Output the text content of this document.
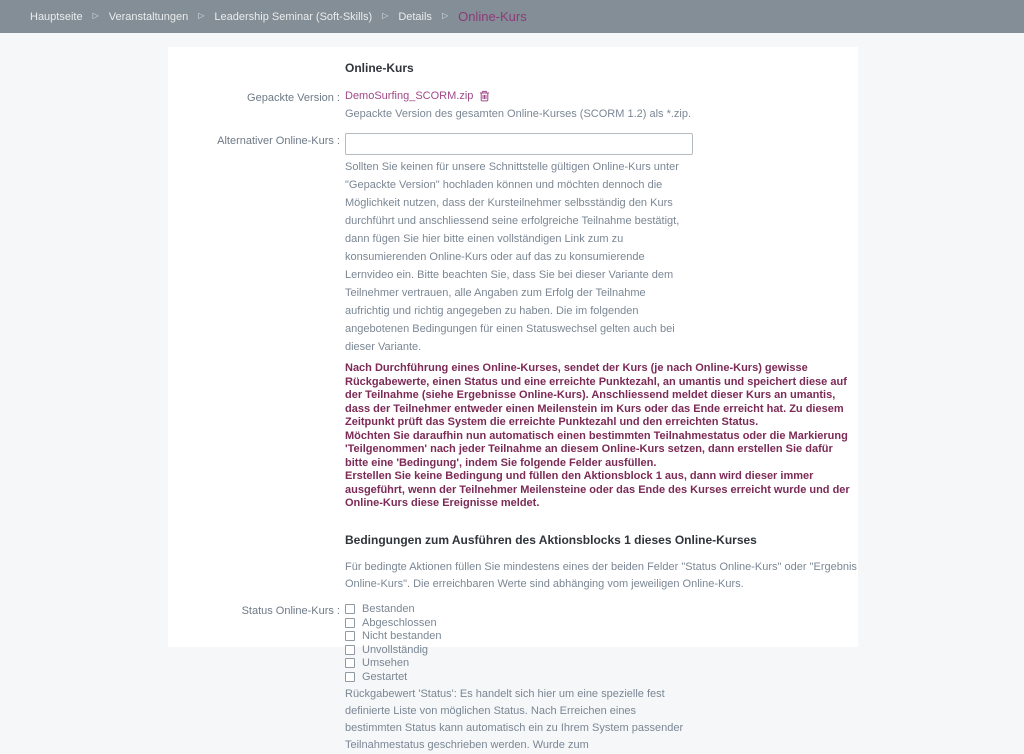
Hauptseite ▷ Veranstaltungen ▷ Leadership Seminar (Soft-Skills) ▷ Details ▷ Online-Kurs
Online-Kurs
Gepackte Version : DemoSurfing_SCORM.zip
Gepackte Version des gesamten Online-Kurses (SCORM 1.2) als *.zip.
Alternativer Online-Kurs :
Sollten Sie keinen für unsere Schnittstelle gültigen Online-Kurs unter "Gepackte Version" hochladen können und möchten dennoch die Möglichkeit nutzen, dass der Kursteilnehmer selbsständig den Kurs durchführt und anschliessend seine erfolgreiche Teilnahme bestätigt, dann fügen Sie hier bitte einen vollständigen Link zum zu konsumierenden Online-Kurs oder auf das zu konsumierende Lernvideo ein. Bitte beachten Sie, dass Sie bei dieser Variante dem Teilnehmer vertrauen, alle Angaben zum Erfolg der Teilnahme aufrichtig und richtig angegeben zu haben. Die im folgenden angebotenen Bedingungen für einen Statuswechsel gelten auch bei dieser Variante.

Nach Durchführung eines Online-Kurses, sendet der Kurs (je nach Online-Kurs) gewisse Rückgabewerte, einen Status und eine erreichte Punktezahl, an umantis und speichert diese auf der Teilnahme (siehe Ergebnisse Online-Kurs). Anschliessend meldet dieser Kurs an umantis, dass der Teilnehmer entweder einen Meilenstein im Kurs oder das Ende erreicht hat. Zu diesem Zeitpunkt prüft das System die erreichte Punktezahl und den erreichten Status.

Möchten Sie daraufhin nun automatisch einen bestimmten Teilnahmestatus oder die Markierung 'Teilgenommen' nach jeder Teilnahme an diesem Online-Kurs setzen, dann erstellen Sie dafür bitte eine 'Bedingung', indem Sie folgende Felder ausfüllen.

Erstellen Sie keine Bedingung und füllen den Aktionsblock 1 aus, dann wird dieser immer ausgeführt, wenn der Teilnehmer Meilensteine oder das Ende des Kurses erreicht wurde und der Online-Kurs diese Ereignisse meldet.

Bedingungen zum Ausführen des Aktionsblocks 1 dieses Online-Kurses

Für bedingte Aktionen füllen Sie mindestens eines der beiden Felder "Status Online-Kurs" oder "Ergebnis Online-Kurs". Die erreichbaren Werte sind abhänging vom jeweiligen Online-Kurs.

Status Online-Kurs :	Bestanden
Abgeschlossen
Nicht bestanden
Unvollständig
Umsehen
Gestartet
Rückgabewert 'Status': Es handelt sich hier um eine spezielle fest definierte Liste von möglichen Status. Nach Erreichen eines bestimmten Status kann automatisch ein zu Ihrem System passender Teilnahmestatus geschrieben werden. Wurde zum
